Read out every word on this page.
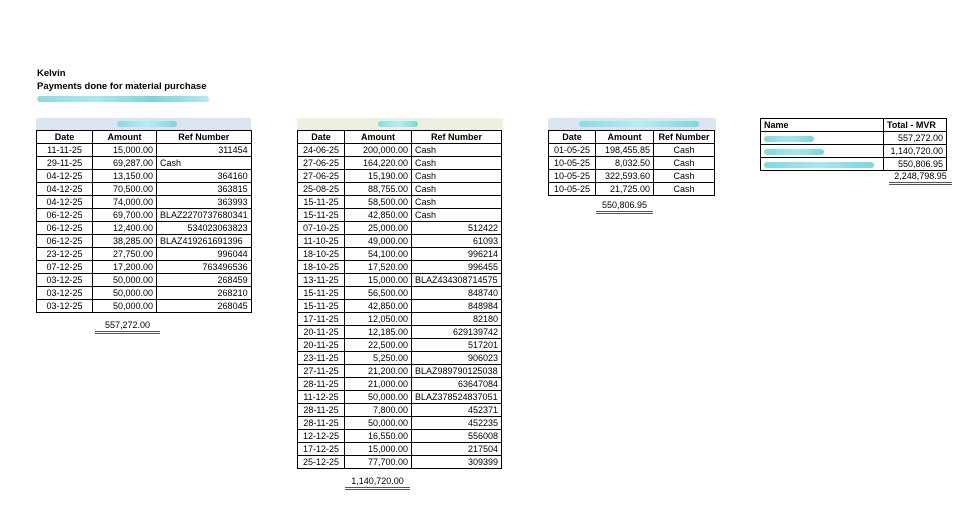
Kelvin
Payments done for material purchase
Date	Amount	Ref Number
11-11-25	15,000.00	311454
29-11-25	69,287.00	Cash
04-12-25	13,150.00	364160
04-12-25	70,500.00	363815
04-12-25	74,000.00	363993
06-12-25	69,700.00	BLAZ2270737680341
06-12-25	12,400.00	534023063823
06-12-25	38,285.00	BLAZ419261691396
23-12-25	27,750.00	996044
07-12-25	17,200.00	763496536
03-12-25	50,000.00	268459
03-12-25	50,000.00	268210
03-12-25	50,000.00	268045
557,272.00
Date	Amount	Ref Number
24-06-25	200,000.00	Cash
27-06-25	164,220.00	Cash
27-06-25	15,190.00	Cash
25-08-25	88,755.00	Cash
15-11-25	58,500.00	Cash
15-11-25	42,850.00	Cash
07-10-25	25,000.00	512422
11-10-25	49,000.00	61093
18-10-25	54,100.00	996214
18-10-25	17,520.00	996455
13-11-25	15,000.00	BLAZ434308714575
15-11-25	56,500.00	848740
15-11-25	42,850.00	848984
17-11-25	12,050.00	82180
20-11-25	12,185.00	629139742
20-11-25	22,500.00	517201
23-11-25	5,250.00	906023
27-11-25	21,200.00	BLAZ989790125038
28-11-25	21,000.00	63647084
11-12-25	50,000.00	BLAZ378524837051
28-11-25	7,800.00	452371
28-11-25	50,000.00	452235
12-12-25	16,550.00	556008
17-12-25	15,000.00	217504
25-12-25	77,700.00	309399
1,140,720.00
Date	Amount	Ref Number
01-05-25	198,455.85	Cash
10-05-25	8,032.50	Cash
10-05-25	322,593.60	Cash
10-05-25	21,725.00	Cash
550,806.95
Name	Total - MVR
	557,272.00
	1,140,720.00
	550,806.95
2,248,798.95
